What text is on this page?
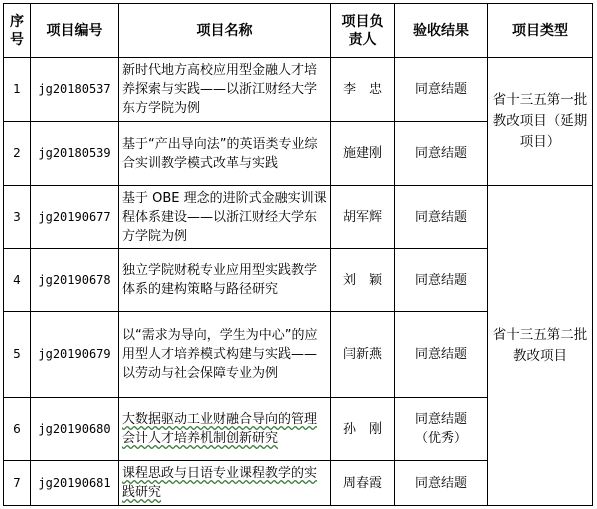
序号	项目编号	项目名称	项目负责人	验收结果	项目类型
1	jg20180537	新时代地方高校应用型金融人才培养探索与实践——以浙江财经大学东方学院为例	李　忠	同意结题	省十三五第一批教改项目（延期项目）
2	jg20180539	基于“产出导向法”的英语类专业综合实训教学模式改革与实践	施建刚	同意结题	
3	jg20190677	基于 OBE 理念的进阶式金融实训课程体系建设——以浙江财经大学东方学院为例	胡军辉	同意结题	省十三五第二批教改项目
4	jg20190678	独立学院财税专业应用型实践教学体系的建构策略与路径研究	刘　颖	同意结题	
5	jg20190679	以“需求为导向，学生为中心”的应用型人才培养模式构建与实践——以劳动与社会保障专业为例	闫新燕	同意结题	
6	jg20190680	大数据驱动工业财融合导向的管理会计人才培养机制创新研究	孙　刚	同意结题（优秀）	
7	jg20190681	课程思政与日语专业课程教学的实践研究	周春霞	同意结题	
